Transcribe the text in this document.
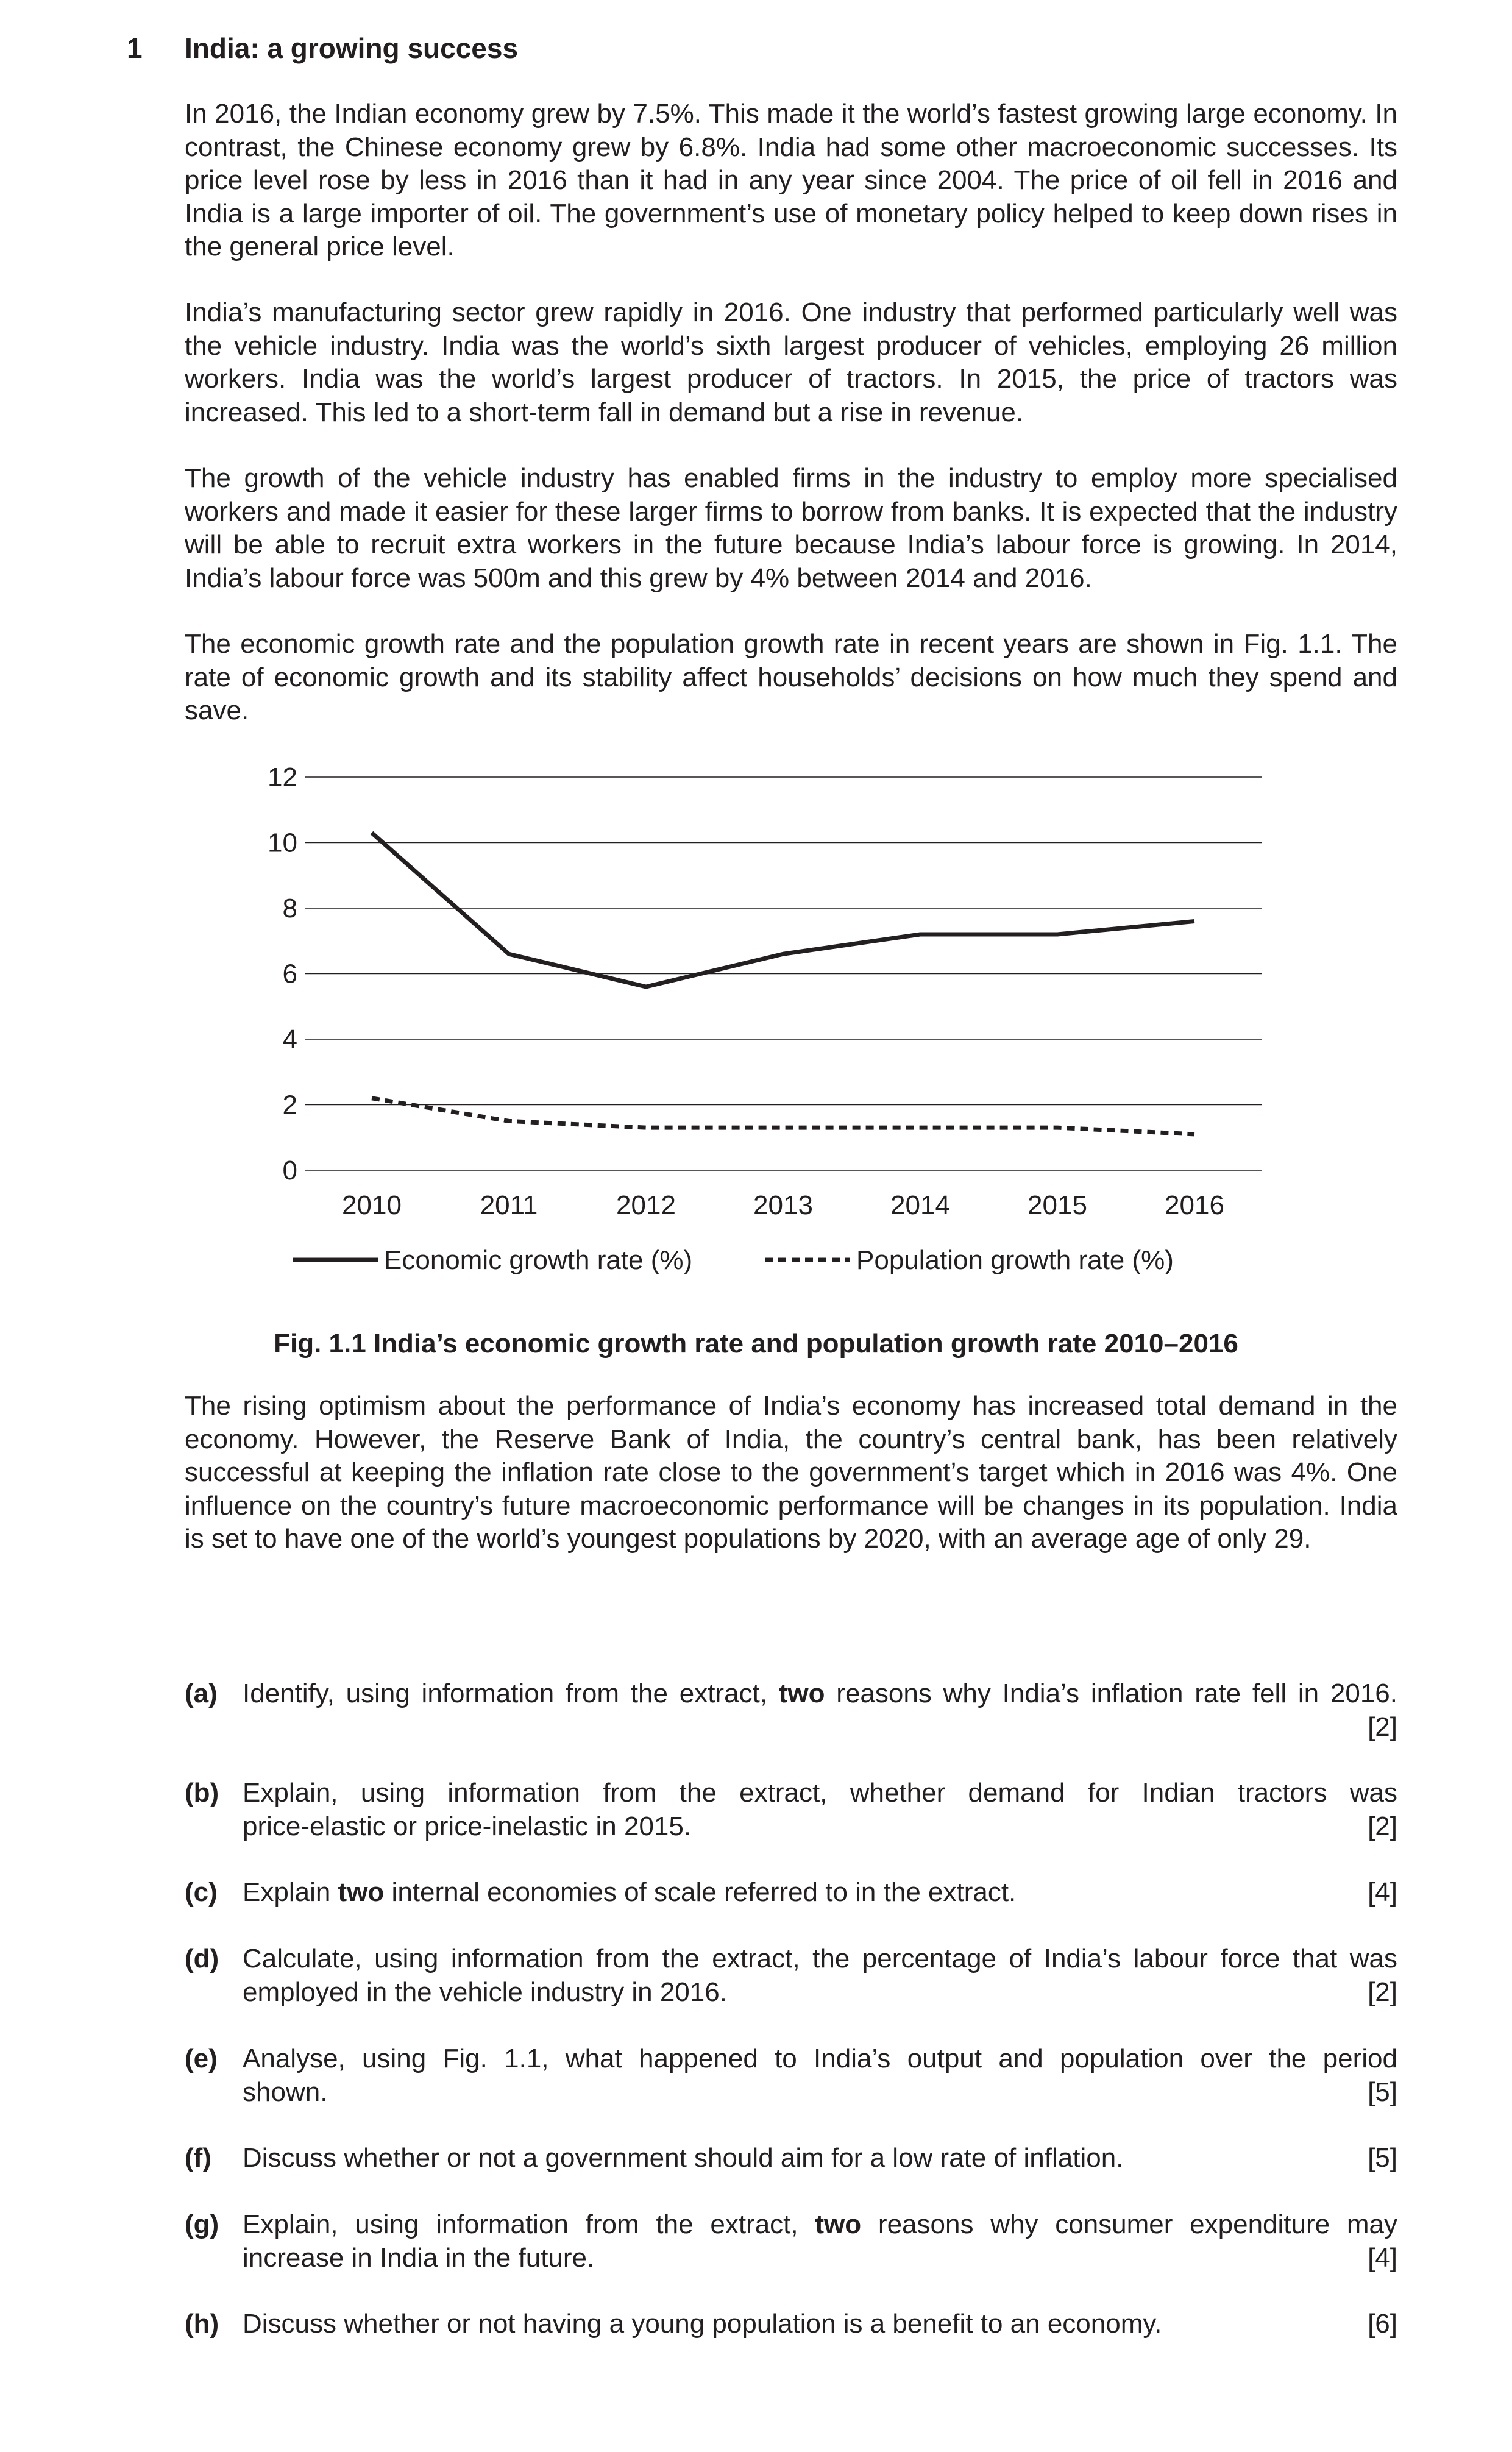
1 India: a growing success

In 2016, the Indian economy grew by 7.5%. This made it the world’s fastest growing large economy. In contrast, the Chinese economy grew by 6.8%. India had some other macroeconomic successes. Its price level rose by less in 2016 than it had in any year since 2004. The price of oil fell in 2016 and India is a large importer of oil. The government’s use of monetary policy helped to keep down rises in the general price level.

India’s manufacturing sector grew rapidly in 2016. One industry that performed particularly well was the vehicle industry. India was the world’s sixth largest producer of vehicles, employing 26 million workers. India was the world’s largest producer of tractors. In 2015, the price of tractors was increased. This led to a short-term fall in demand but a rise in revenue.

The growth of the vehicle industry has enabled firms in the industry to employ more specialised workers and made it easier for these larger firms to borrow from banks. It is expected that the industry will be able to recruit extra workers in the future because India’s labour force is growing. In 2014, India’s labour force was 500m and this grew by 4% between 2014 and 2016.

The economic growth rate and the population growth rate in recent years are shown in Fig. 1.1. The rate of economic growth and its stability affect households’ decisions on how much they spend and save.

0
2
4
6
8
10
12
2010	2011	2012	2013	2014	2015	2016
Economic growth rate (%)	Population growth rate (%)
Fig. 1.1 India’s economic growth rate and population growth rate 2010–2016

The rising optimism about the performance of India’s economy has increased total demand in the economy. However, the Reserve Bank of India, the country’s central bank, has been relatively successful at keeping the inflation rate close to the government’s target which in 2016 was 4%. One influence on the country’s future macroeconomic performance will be changes in its population. India is set to have one of the world’s youngest populations by 2020, with an average age of only 29.

(a) Identify, using information from the extract, two reasons why India’s inflation rate fell in 2016.
[2]
(b) Explain, using information from the extract, whether demand for Indian tractors was
price-elastic or price-inelastic in 2015.	[2]
(c) Explain two internal economies of scale referred to in the extract.	[4]
(d) Calculate, using information from the extract, the percentage of India’s labour force that was
employed in the vehicle industry in 2016.	[2]
(e) Analyse, using Fig. 1.1, what happened to India’s output and population over the period
shown.	[5]
(f) Discuss whether or not a government should aim for a low rate of inflation.	[5]
(g) Explain, using information from the extract, two reasons why consumer expenditure may
increase in India in the future.	[4]
(h) Discuss whether or not having a young population is a benefit to an economy.	[6]
